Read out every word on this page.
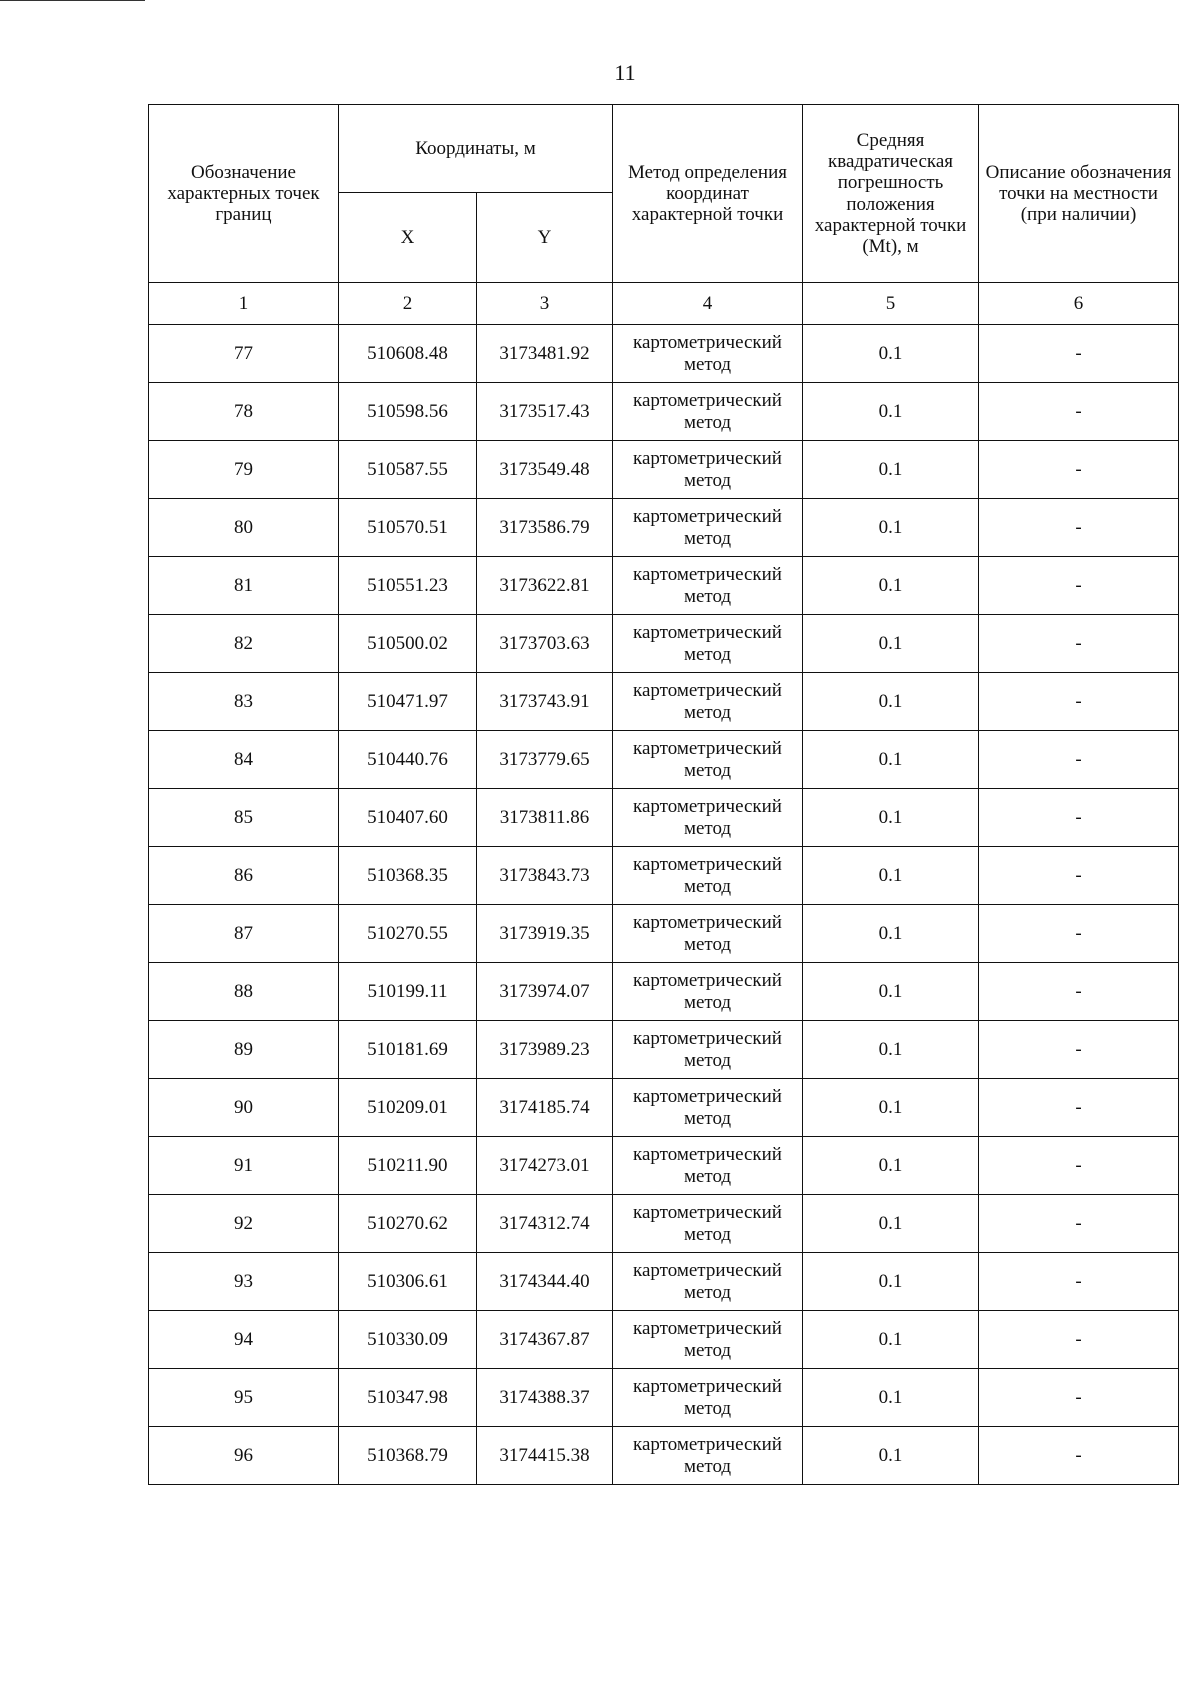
11
Обозначение характерных точек границ	Координаты, м		Метод определения координат характерной точки	Средняя квадратическая погрешность положения характерной точки (Mt), м	Описание обозначения точки на местности (при наличии)
	X	Y			
1	2	3	4	5	6
77	510608.48	3173481.92	картометрический метод	0.1	-
78	510598.56	3173517.43	картометрический метод	0.1	-
79	510587.55	3173549.48	картометрический метод	0.1	-
80	510570.51	3173586.79	картометрический метод	0.1	-
81	510551.23	3173622.81	картометрический метод	0.1	-
82	510500.02	3173703.63	картометрический метод	0.1	-
83	510471.97	3173743.91	картометрический метод	0.1	-
84	510440.76	3173779.65	картометрический метод	0.1	-
85	510407.60	3173811.86	картометрический метод	0.1	-
86	510368.35	3173843.73	картометрический метод	0.1	-
87	510270.55	3173919.35	картометрический метод	0.1	-
88	510199.11	3173974.07	картометрический метод	0.1	-
89	510181.69	3173989.23	картометрический метод	0.1	-
90	510209.01	3174185.74	картометрический метод	0.1	-
91	510211.90	3174273.01	картометрический метод	0.1	-
92	510270.62	3174312.74	картометрический метод	0.1	-
93	510306.61	3174344.40	картометрический метод	0.1	-
94	510330.09	3174367.87	картометрический метод	0.1	-
95	510347.98	3174388.37	картометрический метод	0.1	-
96	510368.79	3174415.38	картометрический метод	0.1	-
